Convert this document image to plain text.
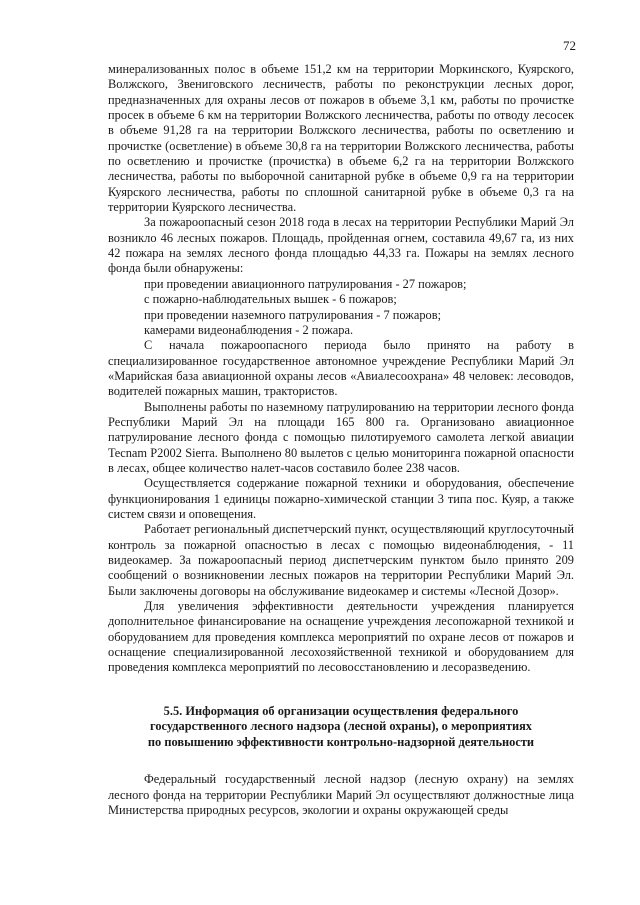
72

минерализованных полос в объеме 151,2 км на территории Моркинского, Куярского, Волжского, Звениговского лесничеств, работы по реконструкции лесных дорог, предназначенных для охраны лесов от пожаров в объеме 3,1 км, работы по прочистке просек в объеме 6 км на территории Волжского лесничества, работы по отводу лесосек в объеме 91,28 га на территории Волжского лесничества, работы по осветлению и прочистке (осветление) в объеме 30,8 га на территории Волжского лесничества, работы по осветлению и прочистке (прочистка) в объеме 6,2 га на территории Волжского лесничества, работы по выборочной санитарной рубке в объеме 0,9 га на территории Куярского лесничества, работы по сплошной санитарной рубке в объеме 0,3 га на территории Куярского лесничества.

За пожароопасный сезон 2018 года в лесах на территории Республики Марий Эл возникло 46 лесных пожаров. Площадь, пройденная огнем, составила 49,67 га, из них 42 пожара на землях лесного фонда площадью 44,33 га. Пожары на землях лесного фонда были обнаружены:

при проведении авиационного патрулирования - 27 пожаров;

с пожарно-наблюдательных вышек - 6 пожаров;

при проведении наземного патрулирования - 7 пожаров;

камерами видеонаблюдения - 2 пожара.

С начала пожароопасного периода было принято на работу в специализированное государственное автономное учреждение Республики Марий Эл «Марийская база авиационной охраны лесов «Авиалесоохрана» 48 человек: лесоводов, водителей пожарных машин, трактористов.

Выполнены работы по наземному патрулированию на территории лесного фонда Республики Марий Эл на площади 165 800 га. Организовано авиационное патрулирование лесного фонда с помощью пилотируемого самолета легкой авиации Tecnam P2002 Sierra. Выполнено 80 вылетов с целью мониторинга пожарной опасности в лесах, общее количество налет-часов составило более 238 часов.

Осуществляется содержание пожарной техники и оборудования, обеспечение функционирования 1 единицы пожарно-химической станции 3 типа пос. Куяр, а также систем связи и оповещения.

Работает региональный диспетчерский пункт, осуществляющий круглосуточный контроль за пожарной опасностью в лесах с помощью видеонаблюдения, - 11 видеокамер. За пожароопасный период диспетчерским пунктом было принято 209 сообщений о возникновении лесных пожаров на территории Республики Марий Эл. Были заключены договоры на обслуживание видеокамер и системы «Лесной Дозор».

Для увеличения эффективности деятельности учреждения планируется дополнительное финансирование на оснащение учреждения лесопожарной техникой и оборудованием для проведения комплекса мероприятий по охране лесов от пожаров и оснащение специализированной лесохозяйственной техникой и оборудованием для проведения комплекса мероприятий по лесовосстановлению и лесоразведению.

5.5. Информация об организации осуществления федерального
государственного лесного надзора (лесной охраны), о мероприятиях
по повышению эффективности контрольно-надзорной деятельности

Федеральный государственный лесной надзор (лесную охрану) на землях лесного фонда на территории Республики Марий Эл осуществляют должностные лица Министерства природных ресурсов, экологии и охраны окружающей среды
